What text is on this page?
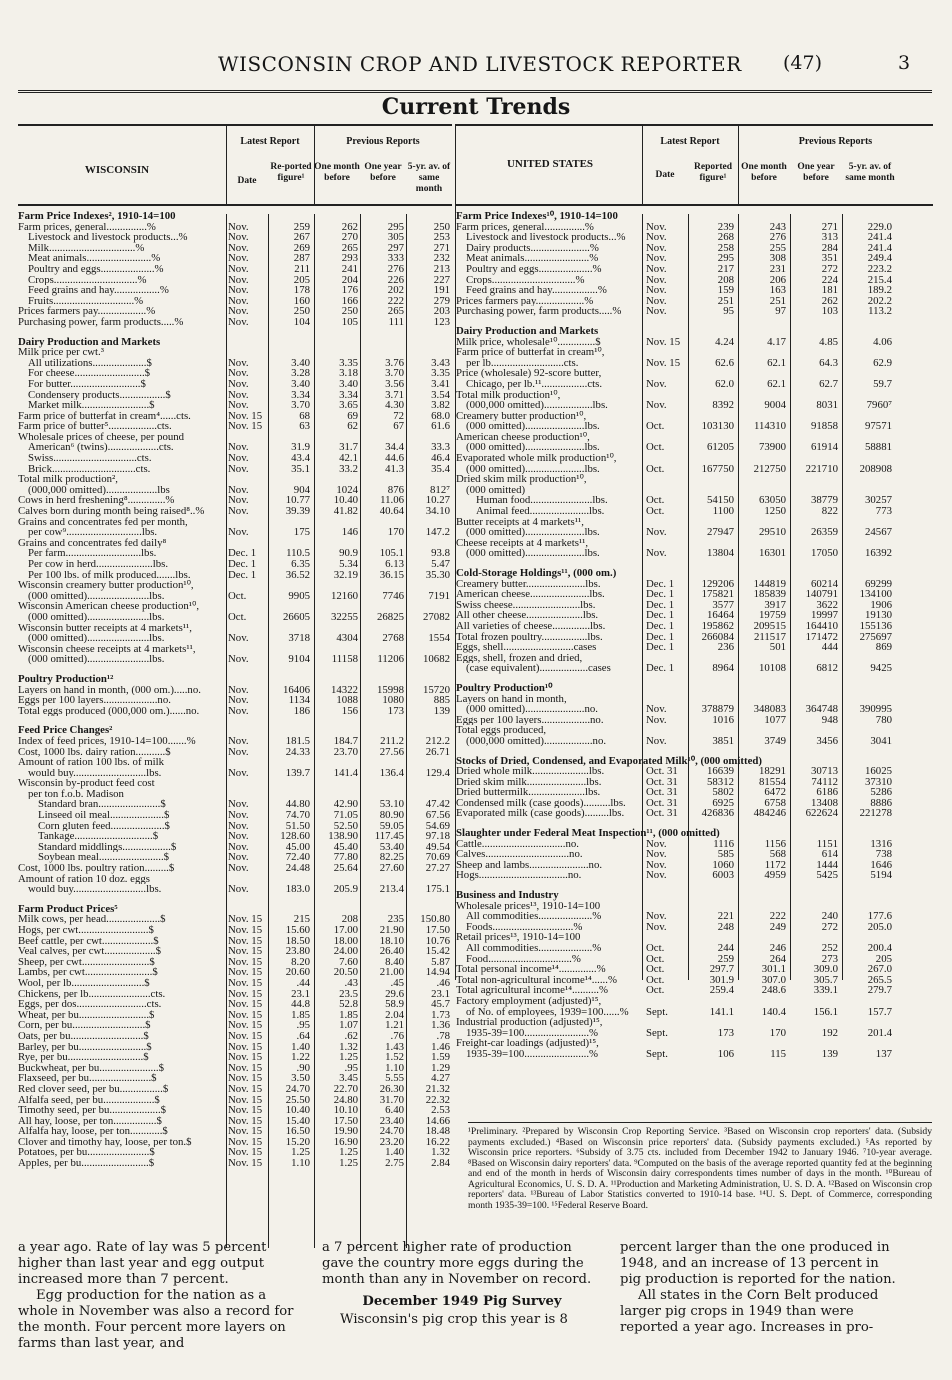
WISCONSIN CROP AND LIVESTOCK REPORTER (47)	3
Current Trends
WISCONSIN
Latest Report	Previous Reports
Date
Re-ported figure¹
One month before
One year before
5-yr. av. of same month
Farm Price Indexes², 1910-14=100
Farm prices, general...............%	Nov.	259	262	295	250
Livestock and livestock products...%	Nov.	267	270	305	253
Milk................................%	Nov.	269	265	297	271
Meat animals........................%	Nov.	287	293	333	232
Poultry and eggs....................%	Nov.	211	241	276	213
Crops...............................%	Nov.	205	204	226	227
Feed grains and hay.................%	Nov.	178	176	202	191
Fruits..............................%	Nov.	160	166	222	279
Prices farmers pay..................%	Nov.	250	250	265	203
Purchasing power, farm products.....%	Nov.	104	105	111	123
Dairy Production and Markets
Milk price per cwt.³
All utilizations....................$	Nov.	3.40	3.35	3.76	3.43
For cheese..........................$	Nov.	3.28	3.18	3.70	3.35
For butter..........................$	Nov.	3.40	3.40	3.56	3.41
Condensery products.................$	Nov.	3.34	3.34	3.71	3.54
Market milk.........................$	Nov.	3.70	3.65	4.30	3.82
Farm price of butterfat in cream⁴......cts.	Nov. 15	68	69	72	68.0
Farm price of butter⁵..................cts.	Nov. 15	63	62	67	61.6
Wholesale prices of cheese, per pound
American⁶ (twins)...................cts.	Nov.	31.9	31.7	34.4	33.3
Swiss...............................cts.	Nov.	43.4	42.1	44.6	46.4
Brick...............................cts.	Nov.	35.1	33.2	41.3	35.4
Total milk production²,
(000,000 omitted)...................lbs	Nov.	904	1024	876	812⁷
Cows in herd freshening⁸..............%	Nov.	10.77	10.40	11.06	10.27
Calves born during month being raised⁸..%	Nov.	39.39	41.82	40.64	34.10
Grains and concentrates fed per month,
per cow⁹............................lbs.	Nov.	175	146	170	147.2
Grains and concentrates fed daily⁸
Per farm............................lbs.	Dec. 1	110.5	90.9	105.1	93.8
Per cow in herd.....................lbs.	Dec. 1	6.35	5.34	6.13	5.47
Per 100 lbs. of milk produced.......lbs.	Dec. 1	36.52	32.19	36.15	35.30
Wisconsin creamery butter production¹⁰,
(000 omitted).......................lbs.	Oct.	9905	12160	7746	7191
Wisconsin American cheese production¹⁰,
(000 omitted).......................lbs.	Oct.	26605	32255	26825	27082
Wisconsin butter receipts at 4 markets¹¹,
(000 omitted).......................lbs.	Nov.	3718	4304	2768	1554
Wisconsin cheese receipts at 4 markets¹¹,
(000 omitted).......................lbs.	Nov.	9104	11158	11206	10682
Poultry Production¹²
Layers on hand in month, (000 om.).....no.	Nov.	16406	14322	15998	15720
Eggs per 100 layers....................no.	Nov.	1134	1088	1080	885
Total eggs produced (000,000 om.)......no.	Nov.	186	156	173	139
Feed Price Changes²
Index of feed prices, 1910-14=100.......%	Nov.	181.5	184.7	211.2	212.2
Cost, 1000 lbs. dairy ration...........$	Nov.	24.33	23.70	27.56	26.71
Amount of ration 100 lbs. of milk
would buy...........................lbs.	Nov.	139.7	141.4	136.4	129.4
Wisconsin by-product feed cost
per ton f.o.b. Madison
Standard bran.......................$	Nov.	44.80	42.90	53.10	47.42
Linseed oil meal....................$	Nov.	74.70	71.05	80.90	67.56
Corn gluten feed....................$	Nov.	51.50	52.50	59.05	54.69
Tankage.............................$	Nov.	128.60	138.90	117.45	97.18
Standard middlings..................$	Nov.	45.00	45.40	53.40	49.54
Soybean meal........................$	Nov.	72.40	77.80	82.25	70.69
Cost, 1000 lbs. poultry ration.........$	Nov.	24.48	25.64	27.60	27.27
Amount of ration 10 doz. eggs
would buy...........................lbs.	Nov.	183.0	205.9	213.4	175.1
Farm Product Prices⁵
Milk cows, per head....................$	Nov. 15	215	208	235	150.80
Hogs, per cwt..........................$	Nov. 15	15.60	17.00	21.90	17.50
Beef cattle, per cwt...................$	Nov. 15	18.50	18.00	18.10	10.76
Veal calves, per cwt...................$	Nov. 15	23.80	24.00	26.40	15.42
Sheep, per cwt.........................$	Nov. 15	8.20	7.60	8.40	5.87
Lambs, per cwt.........................$	Nov. 15	20.60	20.50	21.00	14.94
Wool, per lb...........................$	Nov. 15	.44	.43	.45	.46
Chickens, per lb.......................cts.	Nov. 15	23.1	23.5	29.6	23.1
Eggs, per dos..........................cts.	Nov. 15	44.8	52.8	58.9	45.7
Wheat, per bu..........................$	Nov. 15	1.85	1.85	2.04	1.73
Corn, per bu...........................$	Nov. 15	.95	1.07	1.21	1.36
Oats, per bu...........................$	Nov. 15	.64	.62	.76	.78
Barley, per bu.........................$	Nov. 15	1.40	1.32	1.43	1.46
Rye, per bu............................$	Nov. 15	1.22	1.25	1.52	1.59
Buckwheat, per bu......................$	Nov. 15	.90	.95	1.10	1.29
Flaxseed, per bu.......................$	Nov. 15	3.50	3.45	5.55	4.27
Red clover seed, per bu................$	Nov. 15	24.70	22.70	26.30	21.32
Alfalfa seed, per bu...................$	Nov. 15	25.50	24.80	31.70	22.32
Timothy seed, per bu...................$	Nov. 15	10.40	10.10	6.40	2.53
All hay, loose, per ton................$	Nov. 15	15.40	17.50	23.40	14.66
Alfalfa hay, loose, per ton............$	Nov. 15	16.50	19.90	24.70	18.48
Clover and timothy hay, loose, per ton.$	Nov. 15	15.20	16.90	23.20	16.22
Potatoes, per bu.......................$	Nov. 15	1.25	1.25	1.40	1.32
Apples, per bu.........................$	Nov. 15	1.10	1.25	2.75	2.84
UNITED STATES
Latest Report	Previous Reports
Date
Reported figure¹
One month before
One year before
5-yr. av. of same month
Farm Price Indexes¹⁰, 1910-14=100
Farm prices, general...............%	Nov.	239	243	271	229.0
Livestock and livestock products...%	Nov.	268	276	313	241.4
Dairy products......................%	Nov.	258	255	284	241.4
Meat animals........................%	Nov.	295	308	351	249.4
Poultry and eggs....................%	Nov.	217	231	272	223.2
Crops...............................%	Nov.	208	206	224	215.4
Feed grains and hay.................%	Nov.	159	163	181	189.2
Prices farmers pay..................%	Nov.	251	251	262	202.2
Purchasing power, farm products.....%	Nov.	95	97	103	113.2
Dairy Production and Markets
Milk price, wholesale¹⁰..............$	Nov. 15	4.24	4.17	4.85	4.06
Farm price of butterfat in cream¹⁰,
per lb...........................cts.	Nov. 15	62.6	62.1	64.3	62.9
Price (wholesale) 92-score butter,
Chicago, per lb.¹¹.................cts.	Nov.	62.0	62.1	62.7	59.7
Total milk production¹⁰,
(000,000 omitted)..................lbs.	Nov.	8392	9004	8031	7960⁷
Creamery butter production¹⁰,
(000 omitted)......................lbs.	Oct.	103130	114310	91858	97571
American cheese production¹⁰,
(000 omitted)......................lbs.	Oct.	61205	73900	61914	58881
Evaporated whole milk production¹⁰,
(000 omitted)......................lbs.	Oct.	167750	212750	221710	208908
Dried skim milk production¹⁰,
(000 omitted)
Human food.......................lbs.	Oct.	54150	63050	38779	30257
Animal feed......................lbs.	Oct.	1100	1250	822	773
Butter receipts at 4 markets¹¹,
(000 omitted)......................lbs.	Nov.	27947	29510	26359	24567
Cheese receipts at 4 markets¹¹,
(000 omitted)......................lbs.	Nov.	13804	16301	17050	16392
Cold-Storage Holdings¹¹, (000 om.)
Creamery butter......................lbs.	Dec. 1	129206	144819	60214	69299
American cheese......................lbs.	Dec. 1	175821	185839	140791	134100
Swiss cheese.........................lbs.	Dec. 1	3577	3917	3622	1906
All other cheese.....................lbs.	Dec. 1	16464	19759	19997	19130
All varieties of cheese..............lbs.	Dec. 1	195862	209515	164410	155136
Total frozen poultry.................lbs.	Dec. 1	266084	211517	171472	275697
Eggs, shell..........................cases	Dec. 1	236	501	444	869
Eggs, shell, frozen and dried,
(case equivalent)..................cases	Dec. 1	8964	10108	6812	9425
Poultry Production¹⁰
Layers on hand in month,
(000 omitted)......................no.	Nov.	378879	348083	364748	390995
Eggs per 100 layers..................no.	Nov.	1016	1077	948	780
Total eggs produced,
(000,000 omitted)..................no.	Nov.	3851	3749	3456	3041
Stocks of Dried, Condensed, and Evaporated Milk¹⁰, (000 omitted)
Dried whole milk.....................lbs.	Oct. 31	16639	18291	30713	16025
Dried skim milk......................lbs.	Oct. 31	58312	81554	74112	37310
Dried buttermilk.....................lbs.	Oct. 31	5802	6472	6186	5286
Condensed milk (case goods)..........lbs.	Oct. 31	6925	6758	13408	8886
Evaporated milk (case goods).........lbs.	Oct. 31	426836	484246	622624	221278
Slaughter under Federal Meat Inspection¹¹, (000 omitted)
Cattle...............................no.	Nov.	1116	1156	1151	1316
Calves...............................no.	Nov.	585	568	614	738
Sheep and lambs......................no.	Nov.	1060	1172	1444	1646
Hogs.................................no.	Nov.	6003	4959	5425	5194
Business and Industry
Wholesale prices¹³, 1910-14=100
All commodities....................%	Nov.	221	222	240	177.6
Foods..............................%	Nov.	248	249	272	205.0
Retail prices¹³, 1910-14=100
All commodities....................%	Oct.	244	246	252	200.4
Food...............................%	Oct.	259	264	273	205
Total personal income¹⁴..............%	Oct.	297.7	301.1	309.0	267.0
Total non-agricultural income¹⁴......%	Oct.	301.9	307.0	305.7	265.5
Total agricultural income¹⁴..........%	Oct.	259.4	248.6	339.1	279.7
Factory employment (adjusted)¹⁵,
of No. of employees, 1939=100......%	Sept.	141.1	140.4	156.1	157.7
Industrial production (adjusted)¹⁵,
1935-39=100........................%	Sept.	173	170	192	201.4
Freight-car loadings (adjusted)¹⁵,
1935-39=100........................%	Sept.	106	115	139	137
¹Preliminary. ²Prepared by Wisconsin Crop Reporting Service. ³Based on Wisconsin crop reporters' data. (Subsidy payments excluded.) ⁴Based on Wisconsin price reporters' data. (Subsidy payments excluded.) ⁵As reported by Wisconsin price reporters. ⁶Subsidy of 3.75 cts. included from December 1942 to January 1946. ⁷10-year average. ⁸Based on Wisconsin dairy reporters' data. ⁹Computed on the basis of the average reported quantity fed at the beginning and end of the month in herds of Wisconsin dairy correspondents times number of days in the month. ¹⁰Bureau of Agricultural Economics, U. S. D. A. ¹¹Production and Marketing Administration, U. S. D. A. ¹²Based on Wisconsin crop reporters' data. ¹³Bureau of Labor Statistics converted to 1910-14 base. ¹⁴U. S. Dept. of Commerce, corresponding month 1935-39=100. ¹⁵Federal Reserve Board.

a year ago. Rate of lay was 5 percent higher than last year and egg output increased more than 7 percent.

Egg production for the nation as a whole in November was also a record for the month. Four percent more layers on farms than last year, and

a 7 percent higher rate of production gave the country more eggs during the month than any in November on record.

December 1949 Pig Survey

Wisconsin's pig crop this year is 8

percent larger than the one produced in 1948, and an increase of 13 percent in pig production is reported for the nation.

All states in the Corn Belt produced larger pig crops in 1949 than were reported a year ago. Increases in pro-
